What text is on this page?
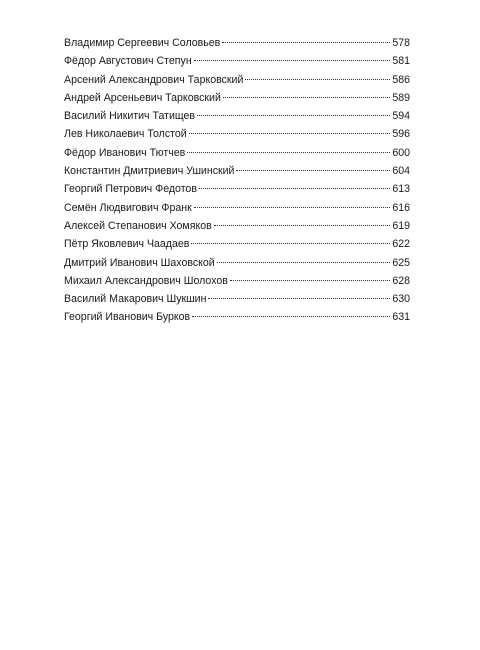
Владимир Сергеевич Соловьев	578
Фёдор Августович Степун	581
Арсений Александрович Тарковский	586
Андрей Арсеньевич Тарковский	589
Василий Никитич Татищев	594
Лев Николаевич Толстой	596
Фёдор Иванович Тютчев	600
Константин Дмитриевич Ушинский	604
Георгий Петрович Федотов	613
Семён Людвигович Франк	616
Алексей Степанович Хомяков	619
Пётр Яковлевич Чаадаев	622
Дмитрий Иванович Шаховской	625
Михаил Александрович Шолохов	628
Василий Макарович Шукшин	630
Георгий Иванович Бурков	631
